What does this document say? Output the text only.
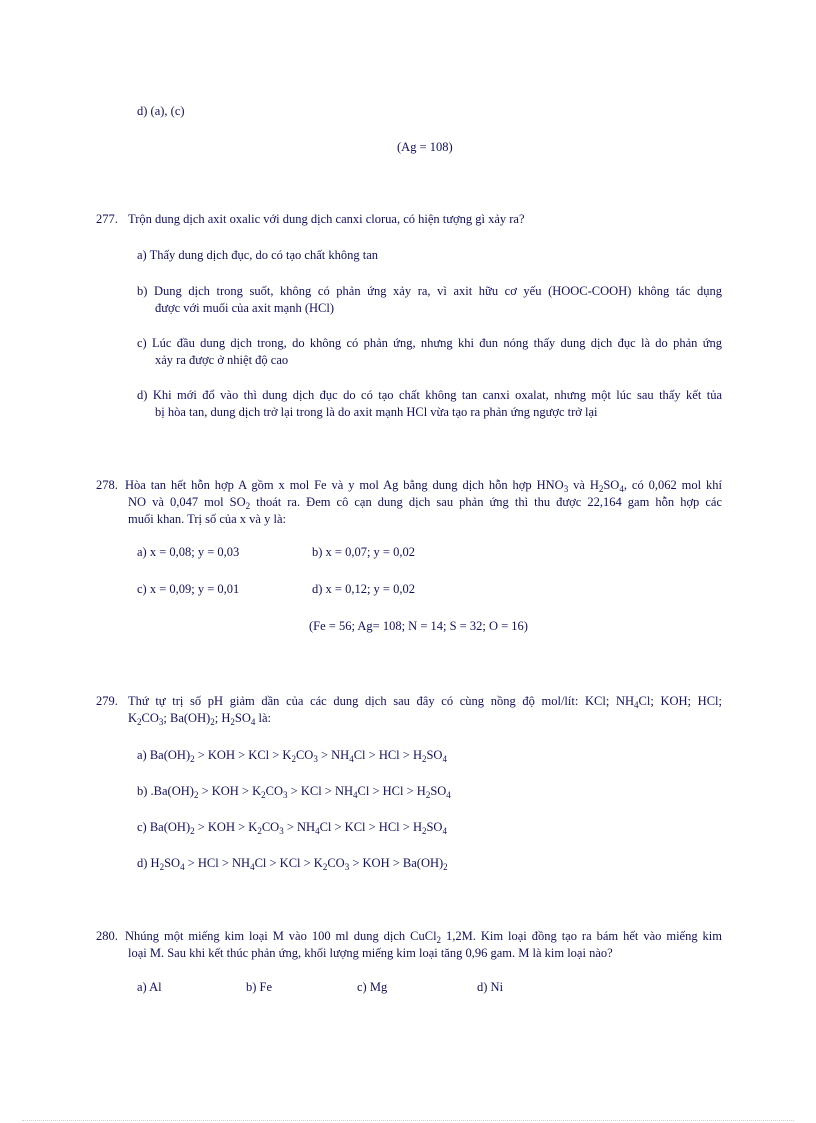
d) (a), (c)
(Ag = 108)
277. Trộn dung dịch axit oxalic với dung dịch canxi clorua, có hiện tượng gì xảy ra?
a) Thấy dung dịch đục, do có tạo chất không tan
b) Dung dịch trong suốt, không có phản ứng xảy ra, vì axit hữu cơ yếu (HOOC-COOH) không tác dụng
được với muối của axit mạnh (HCl)
c) Lúc đầu dung dịch trong, do không có phản ứng, nhưng khi đun nóng thấy dung dịch đục là do phản ứng
xảy ra được ở nhiệt độ cao
d) Khi mới đổ vào thì dung dịch đục do có tạo chất không tan canxi oxalat, nhưng một lúc sau thấy kết tủa
bị hòa tan, dung dịch trở lại trong là do axit mạnh HCl vừa tạo ra phản ứng ngược trở lại
278. Hòa tan hết hỗn hợp A gồm x mol Fe và y mol Ag bằng dung dịch hỗn hợp $HNO_3$ và $H_2SO_4$, có 0,062 mol khí
NO và 0,047 mol $SO_2$ thoát ra. Đem cô cạn dung dịch sau phản ứng thì thu được 22,164 gam hỗn hợp các
muối khan. Trị số của x và y là:
a) x = 0,08; y = 0,03	b) x = 0,07; y = 0,02
c) x = 0,09; y = 0,01	d) x = 0,12; y = 0,02
(Fe = 56; Ag= 108; N = 14; S = 32; O = 16)
279. Thứ tự trị số pH giảm dần của các dung dịch sau đây có cùng nồng độ mol/lít: KCl; $NH_4Cl$; KOH; HCl;
$K_2CO_3$; $Ba(OH)_2$; $H_2SO_4$ là:
a) $Ba(OH)_2$ > KOH > KCl > $K_2CO_3 > NH_4Cl$ > HCl > $H_2SO_4$
b) $.Ba(OH)_2$ > KOH > $K_2CO_3$ > KCl > $NH_4Cl$ > HCl > $H_2SO_4$
c) $Ba(OH)_2$ > KOH > $K_2CO_3 > NH_4Cl$ > KCl > HCl > $H_2SO_4$
d) $H_2SO_4$ > HCl > $NH_4Cl$ > KCl > $K_2CO_3$ > KOH > $Ba(OH)_2$
280. Nhúng một miếng kim loại M vào 100 ml dung dịch CuCl$_2$ 1,2M. Kim loại đồng tạo ra bám hết vào miếng kim
loại M. Sau khi kết thúc phản ứng, khối lượng miếng kim loại tăng 0,96 gam. M là kim loại nào?
a) Al	b) Fe	c) Mg	d) Ni
